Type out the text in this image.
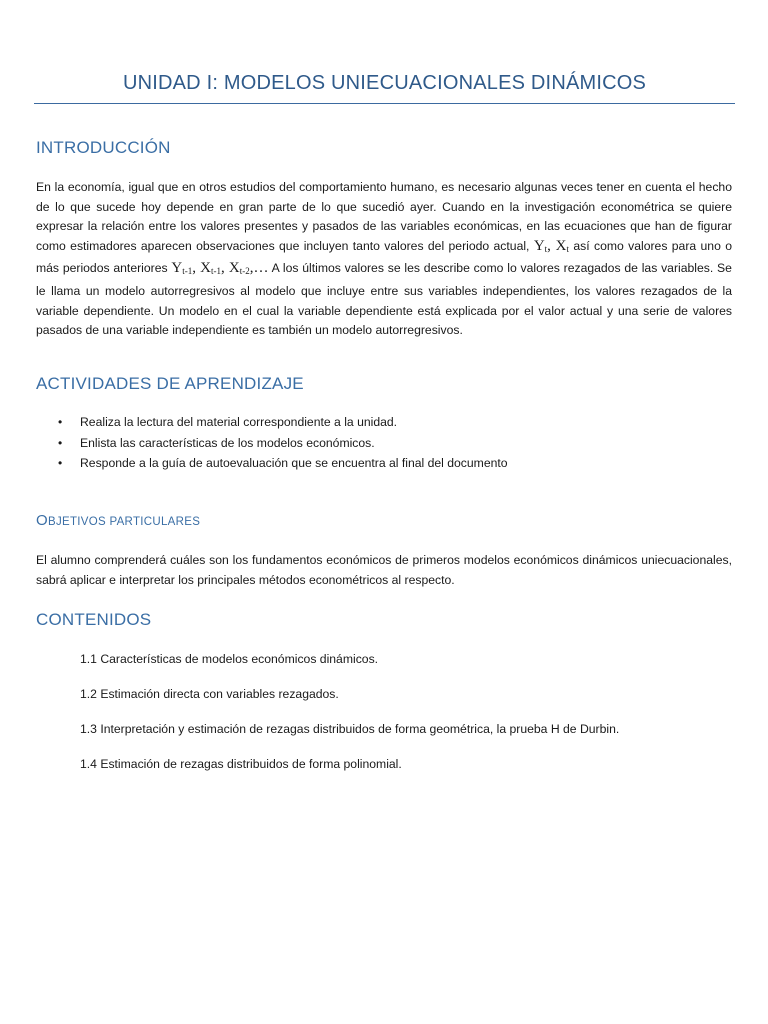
UNIDAD I: MODELOS UNIECUACIONALES DINÁMICOS
INTRODUCCIÓN
En la economía, igual que en otros estudios del comportamiento humano, es necesario algunas veces tener en cuenta el hecho de lo que sucede hoy depende en gran parte de lo que sucedió ayer. Cuando en la investigación econométrica se quiere expresar la relación entre los valores presentes y pasados de las variables económicas, en las ecuaciones que han de figurar como estimadores aparecen observaciones que incluyen tanto valores del periodo actual, $Y_t$, $X_t$ así como valores para uno o más periodos anteriores $Y_{t-1}$, $X_{t-1}$, $X_{t-2},\dots$ A los últimos valores se les describe como lo valores rezagados de las variables. Se le llama un modelo autorregresivos al modelo que incluye entre sus variables independientes, los valores rezagados de la variable dependiente. Un modelo en el cual la variable dependiente está explicada por el valor actual y una serie de valores pasados de una variable independiente es también un modelo autorregresivos.
ACTIVIDADES DE APRENDIZAJE
• Realiza la lectura del material correspondiente a la unidad.
• Enlista las características de los modelos económicos.
• Responde a la guía de autoevaluación que se encuentra al final del documento
OBJETIVOS PARTICULARES
El alumno comprenderá cuáles son los fundamentos económicos de primeros modelos económicos dinámicos uniecuacionales, sabrá aplicar e interpretar los principales métodos econométricos al respecto.
CONTENIDOS
1.1 Características de modelos económicos dinámicos.
1.2 Estimación directa con variables rezagados.
1.3 Interpretación y estimación de rezagas distribuidos de forma geométrica, la prueba H de Durbin.
1.4 Estimación de rezagas distribuidos de forma polinomial.
